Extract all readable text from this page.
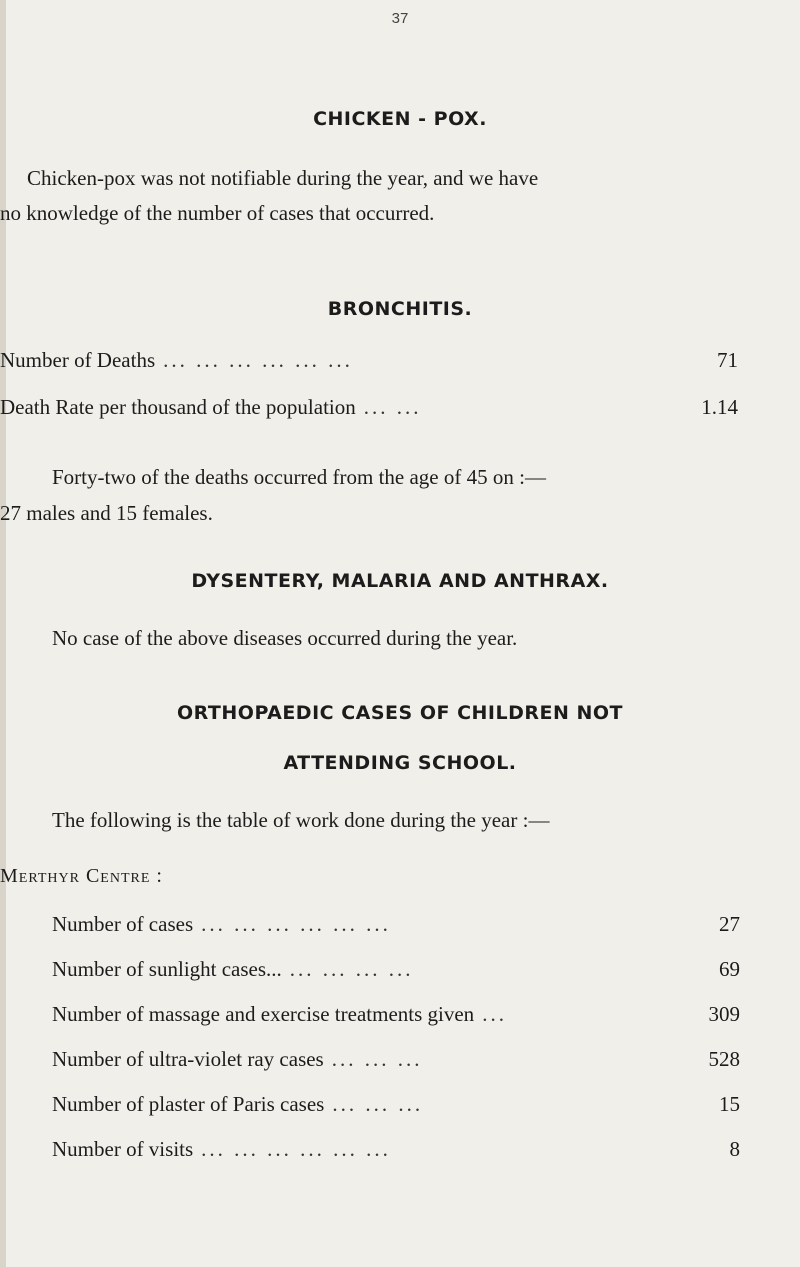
37
CHICKEN - POX.
Chicken-pox was not notifiable during the year, and we have
no knowledge of the number of cases that occurred.
BRONCHITIS.
Number of Deaths ... ... ... ... ... ...	71
Death Rate per thousand of the population ... ...	1.14
Forty-two of the deaths occurred from the age of 45 on :—
27 males and 15 females.
DYSENTERY, MALARIA AND ANTHRAX.
No case of the above diseases occurred during the year.
ORTHOPAEDIC CASES OF CHILDREN NOT
ATTENDING SCHOOL.
The following is the table of work done during the year :—
Merthyr Centre :
Number of cases ... ... ... ... ... ...	27
Number of sunlight cases... ... ... ... ...	69
Number of massage and exercise treatments given ...	309
Number of ultra-violet ray cases ... ... ...	528
Number of plaster of Paris cases ... ... ...	15
Number of visits ... ... ... ... ... ...	8
